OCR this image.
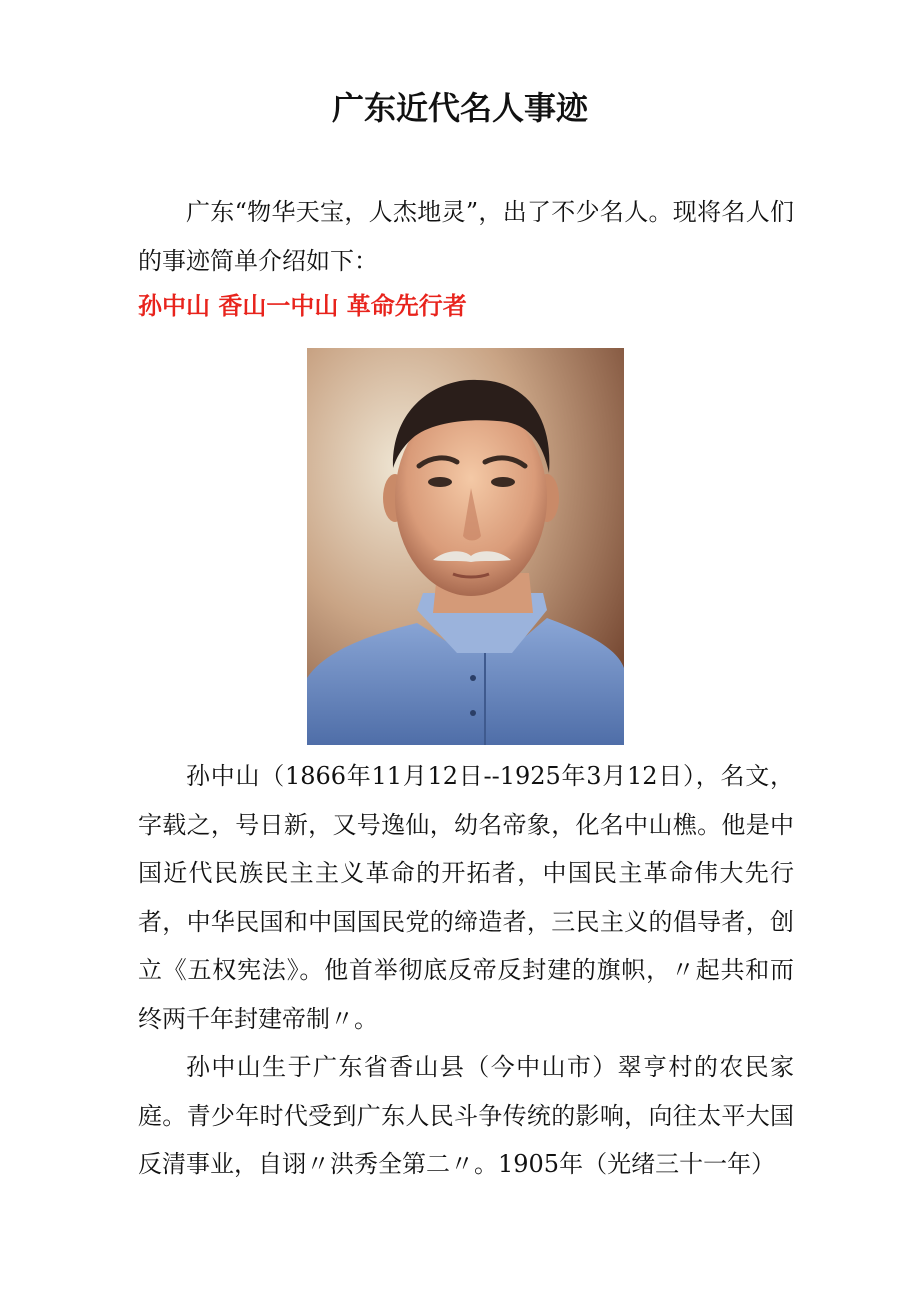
广东近代名人事迹

广东“物华天宝，人杰地灵”，出了不少名人。现将名人们的事迹简单介绍如下：

孙中山 香山一中山 革命先行者

孙中山（1866年11月12日--1925年3月12日），名文，字载之，号日新，又号逸仙，幼名帝象，化名中山樵。他是中国近代民族民主主义革命的开拓者，中国民主革命伟大先行者，中华民国和中国国民党的缔造者，三民主义的倡导者，创立《五权宪法》。他首举彻底反帝反封建的旗帜，〃起共和而终两千年封建帝制〃。

孙中山生于广东省香山县（今中山市）翠亨村的农民家庭。青少年时代受到广东人民斗争传统的影响，向往太平大国反清事业，自诩〃洪秀全第二〃。1905年（光绪三十一年）
